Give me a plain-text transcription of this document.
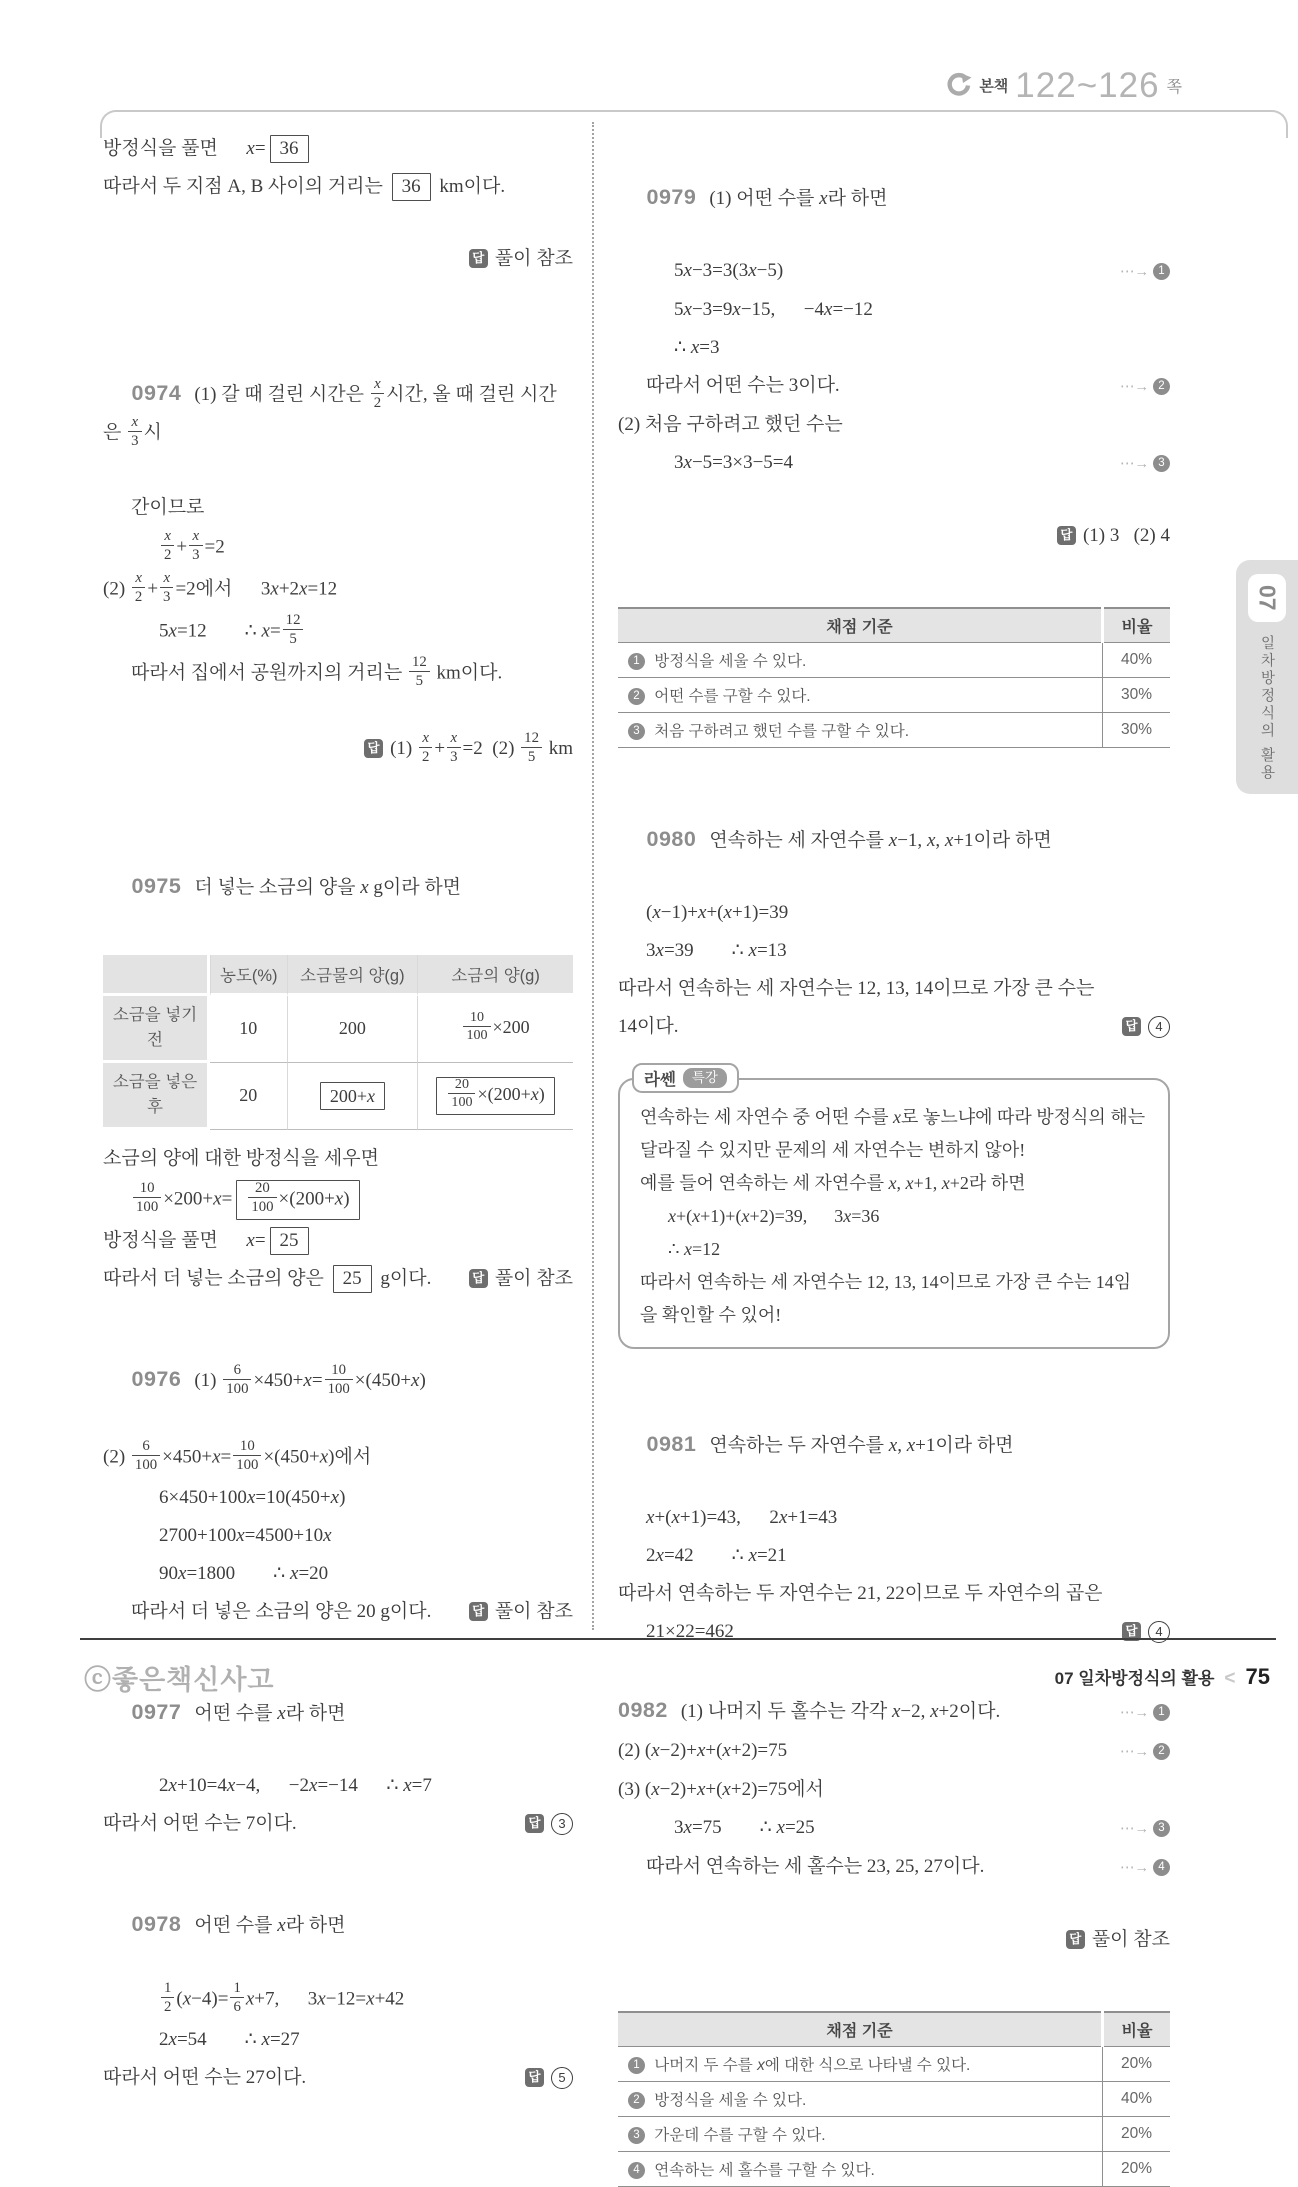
본책 122~126 쪽
07
일차방정식의 활용
방정식을 풀면      x= 36
따라서 두 지점 A, B 사이의 거리는 36 km이다.

답 풀이 참조

0974 (1) 갈 때 걸린 시간은 $\frac{x}{2}$ 시간, 올 때 걸린 시간은 $\frac{x}{3}$ 시

간이므로
$\frac{x}{2} + \frac{x}{3} =2$
$(2) \frac{x}{2} + \frac{x}{3} =2$에서      3x+2x=12
5x=12        ∴ $x= \frac{12}{5}$
따라서 집에서 공원까지의 거리는 $\frac{12}{5}$ km이다.

답 $(1) \frac{x}{2} + \frac{x}{3} =2$  $(2) \frac{12}{5}$ km

0975 더 넣는 소금의 양을 x g이라 하면

	농도(%)	소금물의 양(g)	소금의 양(g)
소금을 넣기 전	10	200	$\frac{10}{100} \times 200$
소금을 넣은 후	20	200+x	$\frac{20}{100} \times(200+x)$
소금의 양에 대한 방정식을 세우면
$\frac{10}{100} \times 200+x= \frac{20}{100} \times(200+x)$
방정식을 풀면      x= 25
따라서 더 넣는 소금의 양은 25 g이다.	답 풀이 참조

0976 $(1) \frac{6}{100} \times 450+x= \frac{10}{100} \times(450+x)$

$(2) \frac{6}{100} \times 450+x= \frac{10}{100} \times(450+x)$에서
6×450+100x=10(450+x)
2700+100x=4500+10x
90x=1800        ∴ x=20
따라서 더 넣은 소금의 양은 20 g이다.	답 풀이 참조

0977 어떤 수를 x라 하면

2x+10=4x−4,      −2x=−14      ∴ x=7
따라서 어떤 수는 7이다.	답 3

0978 어떤 수를 x라 하면

$\frac{1}{2} (x-4)= \frac{1}{6} x+7$,      3x−12=x+42
2x=54        ∴ x=27
따라서 어떤 수는 27이다.	답 5

0979 (1) 어떤 수를 x라 하면

5x−3=3(3x−5)	⋯→ 1
5x−3=9x−15,      −4x=−12
∴ x=3
따라서 어떤 수는 3이다.	⋯→ 2
(2) 처음 구하려고 했던 수는
3x−5=3×3−5=4	⋯→ 3

답 (1) 3   (2) 4

채점 기준	비율
1 방정식을 세울 수 있다.	40%
2 어떤 수를 구할 수 있다.	30%
3 처음 구하려고 했던 수를 구할 수 있다.	30%

0980 연속하는 세 자연수를 x−1, x, x+1이라 하면

(x−1)+x+(x+1)=39
3x=39        ∴ x=13
따라서 연속하는 세 자연수는 12, 13, 14이므로 가장 큰 수는
14이다.	답 4
라쎈	특강
연속하는 세 자연수 중 어떤 수를 x로 놓느냐에 따라 방정식의 해는
달라질 수 있지만 문제의 세 자연수는 변하지 않아!
예를 들어 연속하는 세 자연수를 x, x+1, x+2라 하면
x+(x+1)+(x+2)=39,      3x=36
∴ x=12
따라서 연속하는 세 자연수는 12, 13, 14이므로 가장 큰 수는 14임
을 확인할 수 있어!

0981 연속하는 두 자연수를 x, x+1이라 하면

x+(x+1)=43,      2x+1=43
2x=42        ∴ x=21
따라서 연속하는 두 자연수는 21, 22이므로 두 자연수의 곱은
21×22=462	답 4
0982 (1) 나머지 두 홀수는 각각 x−2, x+2이다.	⋯→ 1
(2) (x−2)+x+(x+2)=75	⋯→ 2
(3) (x−2)+x+(x+2)=75에서
3x=75        ∴ x=25	⋯→ 3
따라서 연속하는 세 홀수는 23, 25, 27이다.	⋯→ 4

답 풀이 참조

채점 기준	비율
1 나머지 두 수를 x에 대한 식으로 나타낼 수 있다.	20%
2 방정식을 세울 수 있다.	40%
3 가운데 수를 구할 수 있다.	20%
4 연속하는 세 홀수를 구할 수 있다.	20%
ⓒ좋은책신사고	07 일차방정식의 활용 < 75
